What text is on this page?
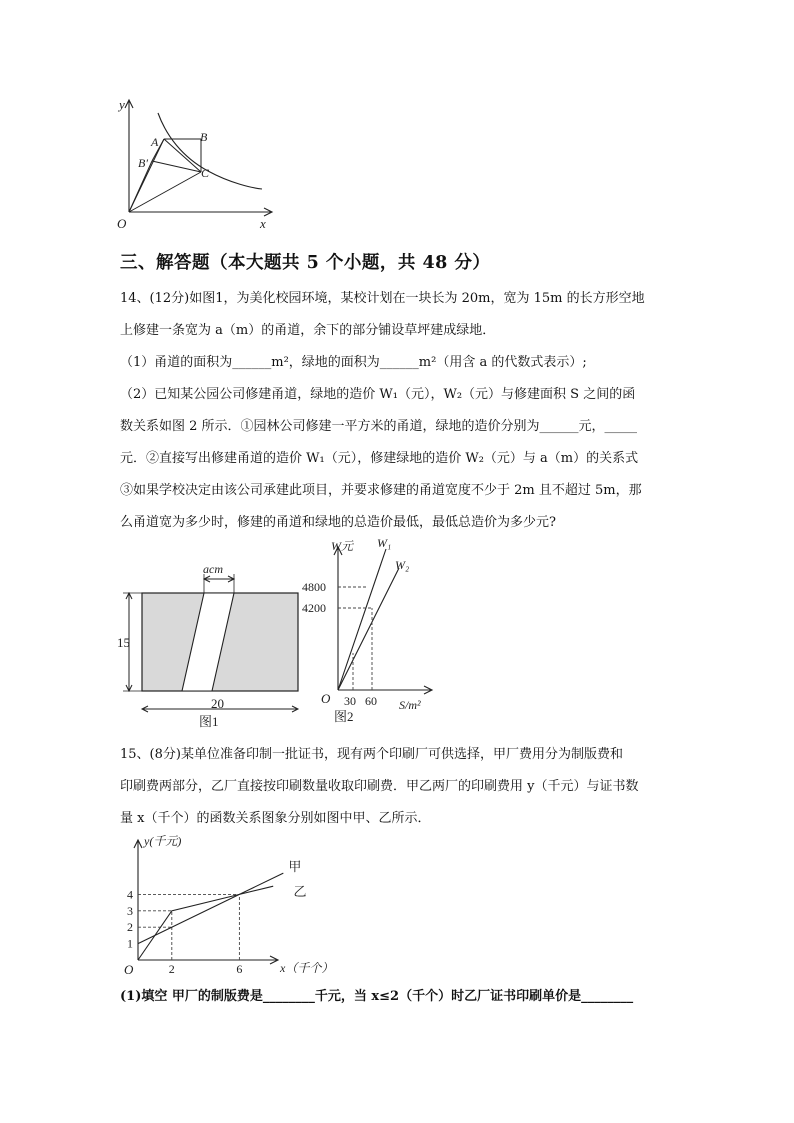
y
x
O
A	B
B′
C
三、解答题（本大题共 5 个小题，共 48 分）
14、(12分)如图1，为美化校园环境，某校计划在一块长为 20m，宽为 15m 的长方形空地
上修建一条宽为 a（m）的甬道，余下的部分铺设草坪建成绿地．
（1）甬道的面积为______m²，绿地的面积为______m²（用含 a 的代数式表示）;
（2）已知某公园公司修建甬道，绿地的造价 W₁（元），W₂（元）与修建面积 S 之间的函
数关系如图 2 所示．①园林公司修建一平方米的甬道，绿地的造价分别为______元，_____
元．②直接写出修建甬道的造价 W₁（元），修建绿地的造价 W₂（元）与 a（m）的关系式
③如果学校决定由该公司承建此项目，并要求修建的甬道宽度不少于 2m 且不超过 5m，那
么甬道宽为多少时，修建的甬道和绿地的总造价最低，最低总造价为多少元?
acm
15
20
图1
W元 W₁
W₂
4800
4200
30 60
O	S/m²
图2
15、(8分)某单位准备印制一批证书，现有两个印刷厂可供选择，甲厂费用分为制版费和
印刷费两部分，乙厂直接按印刷数量收取印刷费．甲乙两厂的印刷费用 y（千元）与证书数
量 x（千个）的函数关系图象分别如图中甲、乙所示．
y(千元)
x（千个）
O
甲
乙
1
2
3
4
2	6
(1)填空 甲厂的制版费是________千元，当 x≤2（千个）时乙厂证书印刷单价是________
